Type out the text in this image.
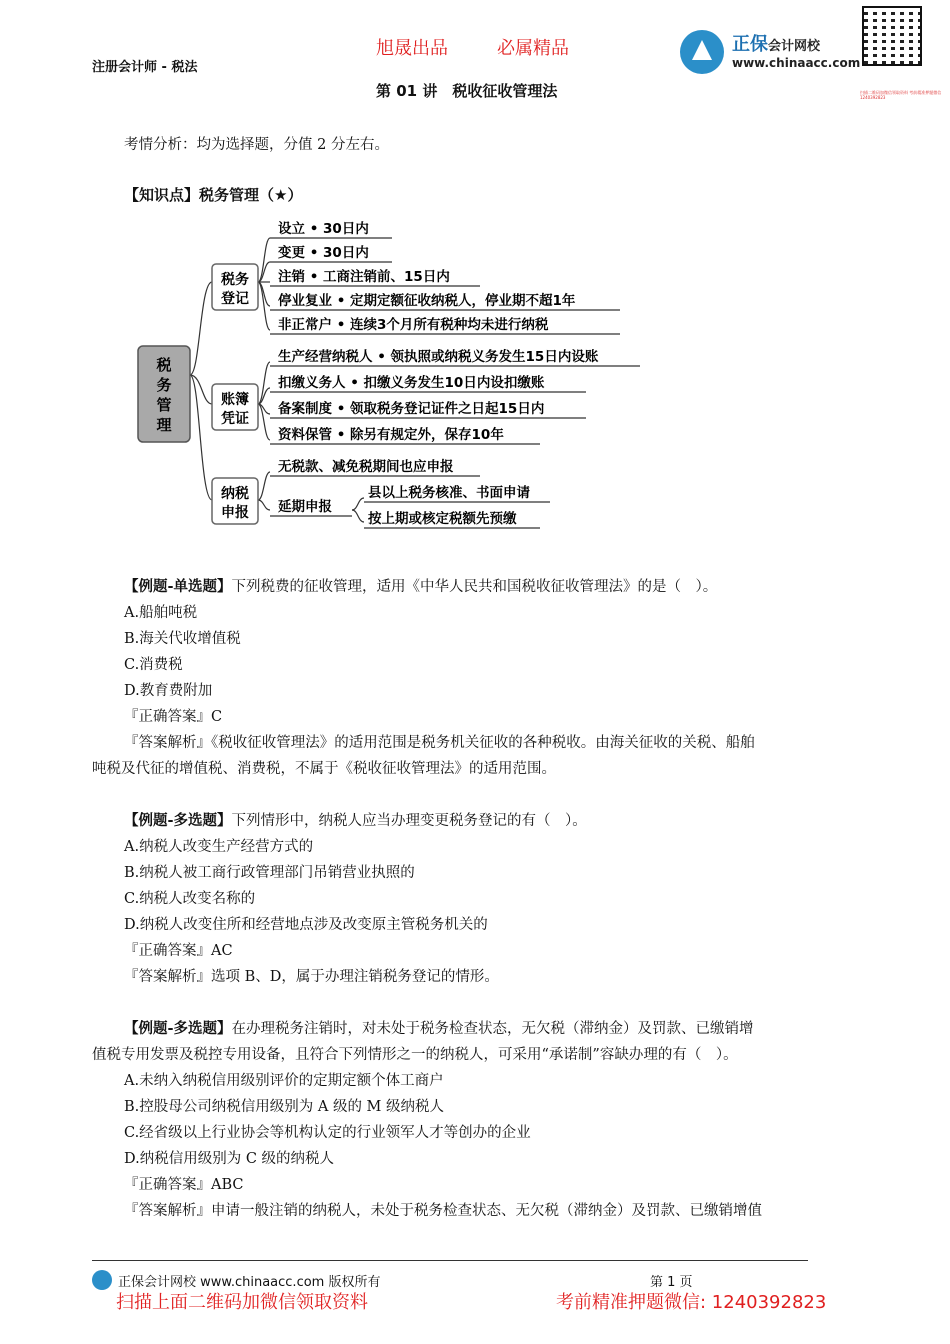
注册会计师 - 税法
旭晟出品	必属精品
第 01 讲　税收征收管理法
正保会计网校
www.chinaacc.com
扫描二维码加微信领取资料 考前精准押题微信 1240392823
考情分析：均为选择题，分值 2 分左右。
【知识点】税务管理（★）
税
务
管
理
税务
登记
账簿
凭证
纳税
申报
设立 • 30日内
变更 • 30日内
注销 • 工商注销前、15日内
停业复业 • 定期定额征收纳税人，停业期不超1年
非正常户 • 连续3个月所有税种均未进行纳税
生产经营纳税人 • 领执照或纳税义务发生15日内设账
扣缴义务人 • 扣缴义务发生10日内设扣缴账
备案制度 • 领取税务登记证件之日起15日内
资料保管 • 除另有规定外，保存10年
无税款、减免税期间也应申报
延期申报
县以上税务核准、书面申请
按上期或核定税额先预缴
【例题-单选题】下列税费的征收管理，适用《中华人民共和国税收征收管理法》的是（　）。
A.船舶吨税
B.海关代收增值税
C.消费税
D.教育费附加
『正确答案』C
『答案解析』《税收征收管理法》的适用范围是税务机关征收的各种税收。由海关征收的关税、船舶
吨税及代征的增值税、消费税，不属于《税收征收管理法》的适用范围。
【例题-多选题】下列情形中，纳税人应当办理变更税务登记的有（　）。
A.纳税人改变生产经营方式的
B.纳税人被工商行政管理部门吊销营业执照的
C.纳税人改变名称的
D.纳税人改变住所和经营地点涉及改变原主管税务机关的
『正确答案』AC
『答案解析』选项 B、D，属于办理注销税务登记的情形。
【例题-多选题】在办理税务注销时，对未处于税务检查状态，无欠税（滞纳金）及罚款、已缴销增
值税专用发票及税控专用设备，且符合下列情形之一的纳税人，可采用“承诺制”容缺办理的有（　）。
A.未纳入纳税信用级别评价的定期定额个体工商户
B.控股母公司纳税信用级别为 A 级的 M 级纳税人
C.经省级以上行业协会等机构认定的行业领军人才等创办的企业
D.纳税信用级别为 C 级的纳税人
『正确答案』ABC
『答案解析』申请一般注销的纳税人，未处于税务检查状态、无欠税（滞纳金）及罚款、已缴销增值
正保会计网校 www.chinaacc.com 版权所有	第 1 页
扫描上面二维码加微信领取资料	考前精准押题微信: 1240392823
